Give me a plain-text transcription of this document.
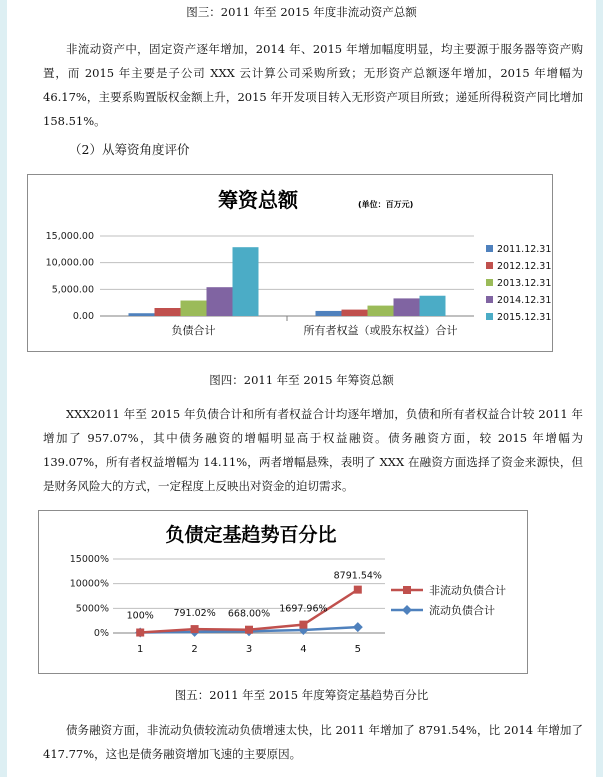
图三：2011 年至 2015 年度非流动资产总额
非流动资产中，固定资产逐年增加，2014 年、2015 年增加幅度明显，均主要源于服务器等资产购置，而 2015 年主要是子公司 XXX 云计算公司采购所致；无形资产总额逐年增加，2015 年增幅为 46.17%，主要系购置版权金额上升，2015 年开发项目转入无形资产项目所致；递延所得税资产同比增加 158.51%。
（2）从筹资角度评价
筹资总额	(单位：百万元)
15,000.00
10,000.00
5,000.00
0.00
负债合计	所有者权益（或股东权益）合计
2011.12.31
2012.12.31
2013.12.31
2014.12.31
2015.12.31
图四：2011 年至 2015 年筹资总额
XXX2011 年至 2015 年负债合计和所有者权益合计均逐年增加，负债和所有者权益合计较 2011 年增加了 957.07%，其中债务融资的增幅明显高于权益融资。债务融资方面，较 2015 年增幅为 139.07%，所有者权益增幅为 14.11%，两者增幅悬殊，表明了 XXX 在融资方面选择了资金来源快，但是财务风险大的方式，一定程度上反映出对资金的迫切需求。
负债定基趋势百分比
15000%
10000%
5000%
0%
1	2	3	4	5
100% 791.02% 668.00% 1697.96%
8791.54%
非流动负债合计
流动负债合计
图五：2011 年至 2015 年度筹资定基趋势百分比
债务融资方面，非流动负债较流动负债增速太快，比 2011 年增加了 8791.54%，比 2014 年增加了 417.77%，这也是债务融资增加飞速的主要原因。
